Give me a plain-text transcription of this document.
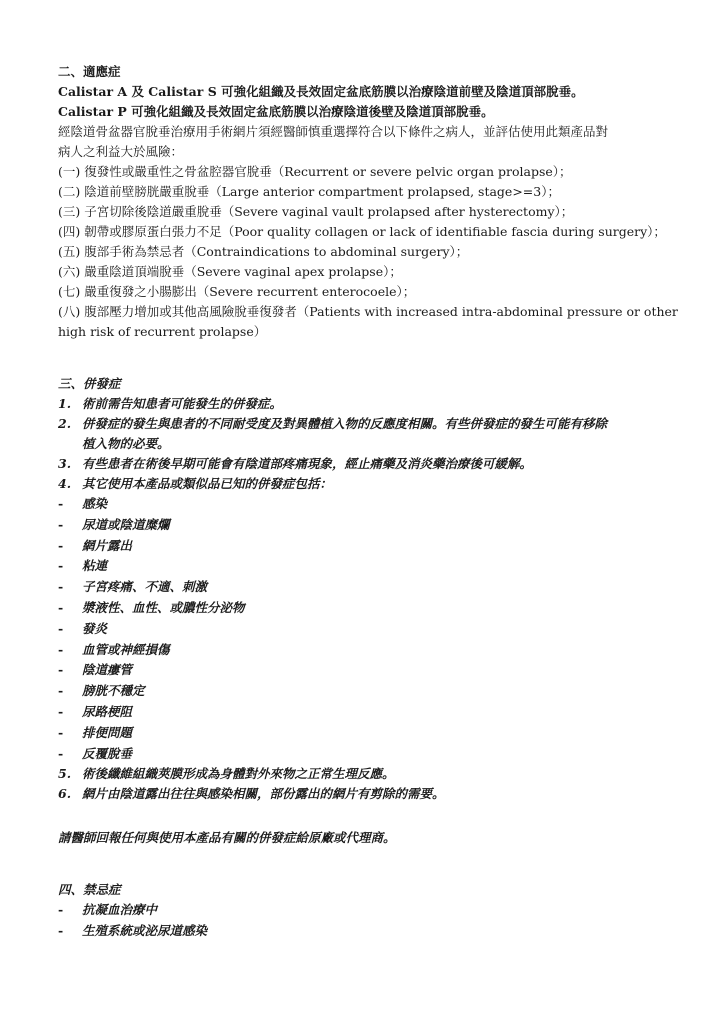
二、適應症
Calistar A 及 Calistar S 可強化組織及長效固定盆底筋膜以治療陰道前壁及陰道頂部脫垂。
Calistar P 可強化組織及長效固定盆底筋膜以治療陰道後壁及陰道頂部脫垂。
經陰道骨盆器官脫垂治療用手術網片須經醫師慎重選擇符合以下條件之病人，並評估使用此類產品對
病人之利益大於風險：
(一) 復發性或嚴重性之骨盆腔器官脫垂（Recurrent or severe pelvic organ prolapse）；
(二) 陰道前壁膀胱嚴重脫垂（Large anterior compartment prolapsed, stage>=3）；
(三) 子宮切除後陰道嚴重脫垂（Severe vaginal vault prolapsed after hysterectomy）；
(四) 韌帶或膠原蛋白張力不足（Poor quality collagen or lack of identifiable fascia during surgery）；
(五) 腹部手術為禁忌者（Contraindications to abdominal surgery）；
(六) 嚴重陰道頂端脫垂（Severe vaginal apex prolapse）；
(七) 嚴重復發之小腸膨出（Severe recurrent enterocoele）；
(八) 腹部壓力增加或其他高風險脫垂復發者（Patients with increased intra-abdominal pressure or other
high risk of recurrent prolapse）
三、併發症
1. 術前需告知患者可能發生的併發症。
2. 併發症的發生與患者的不同耐受度及對異體植入物的反應度相關。有些併發症的發生可能有移除
植入物的必要。
3. 有些患者在術後早期可能會有陰道部疼痛現象，經止痛藥及消炎藥治療後可緩解。
4. 其它使用本產品或類似品已知的併發症包括：
-	感染
-	尿道或陰道糜爛
-	網片露出
-	粘連
-	子宮疼痛、不適、刺激
-	漿液性、血性、或膿性分泌物
-	發炎
-	血管或神經損傷
-	陰道瘻管
-	膀胱不穩定
-	尿路梗阻
-	排便問題
-	反覆脫垂
5. 術後纖維組織莢膜形成為身體對外來物之正常生理反應。
6. 網片由陰道露出往往與感染相關，部份露出的網片有剪除的需要。
請醫師回報任何與使用本產品有關的併發症給原廠或代理商。
四、禁忌症
-	抗凝血治療中
-	生殖系統或泌尿道感染
